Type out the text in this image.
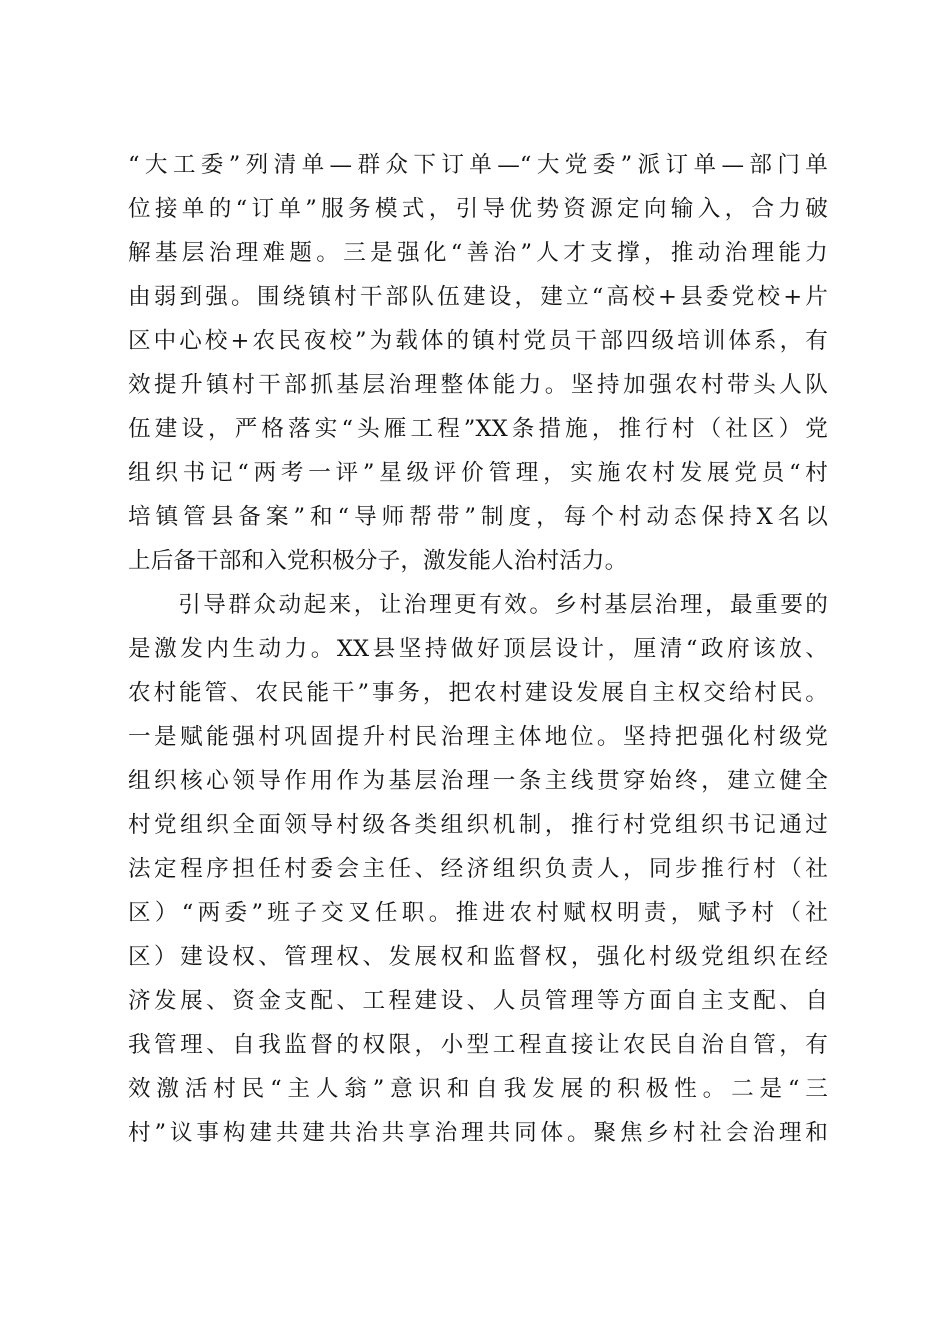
“大工委”列清单—群众下订单—“大党委”派订单—部门单
位接单的“订单”服务模式，引导优势资源定向输入，合力破
解基层治理难题。三是强化“善治”人才支撑，推动治理能力
由弱到强。围绕镇村干部队伍建设，建立“高校+县委党校+片
区中心校+农民夜校”为载体的镇村党员干部四级培训体系，有
效提升镇村干部抓基层治理整体能力。坚持加强农村带头人队
伍建设，严格落实“头雁工程”XX条措施，推行村（社区）党
组织书记“两考一评”星级评价管理，实施农村发展党员“村
培镇管县备案”和“导师帮带”制度，每个村动态保持X名以
上后备干部和入党积极分子，激发能人治村活力。
　　引导群众动起来，让治理更有效。乡村基层治理，最重要的
是激发内生动力。XX县坚持做好顶层设计，厘清“政府该放、
农村能管、农民能干”事务，把农村建设发展自主权交给村民。
一是赋能强村巩固提升村民治理主体地位。坚持把强化村级党
组织核心领导作用作为基层治理一条主线贯穿始终，建立健全
村党组织全面领导村级各类组织机制，推行村党组织书记通过
法定程序担任村委会主任、经济组织负责人，同步推行村（社
区）“两委”班子交叉任职。推进农村赋权明责，赋予村（社
区）建设权、管理权、发展权和监督权，强化村级党组织在经
济发展、资金支配、工程建设、人员管理等方面自主支配、自
我管理、自我监督的权限，小型工程直接让农民自治自管，有
效激活村民“主人翁”意识和自我发展的积极性。二是“三
村”议事构建共建共治共享治理共同体。聚焦乡村社会治理和
